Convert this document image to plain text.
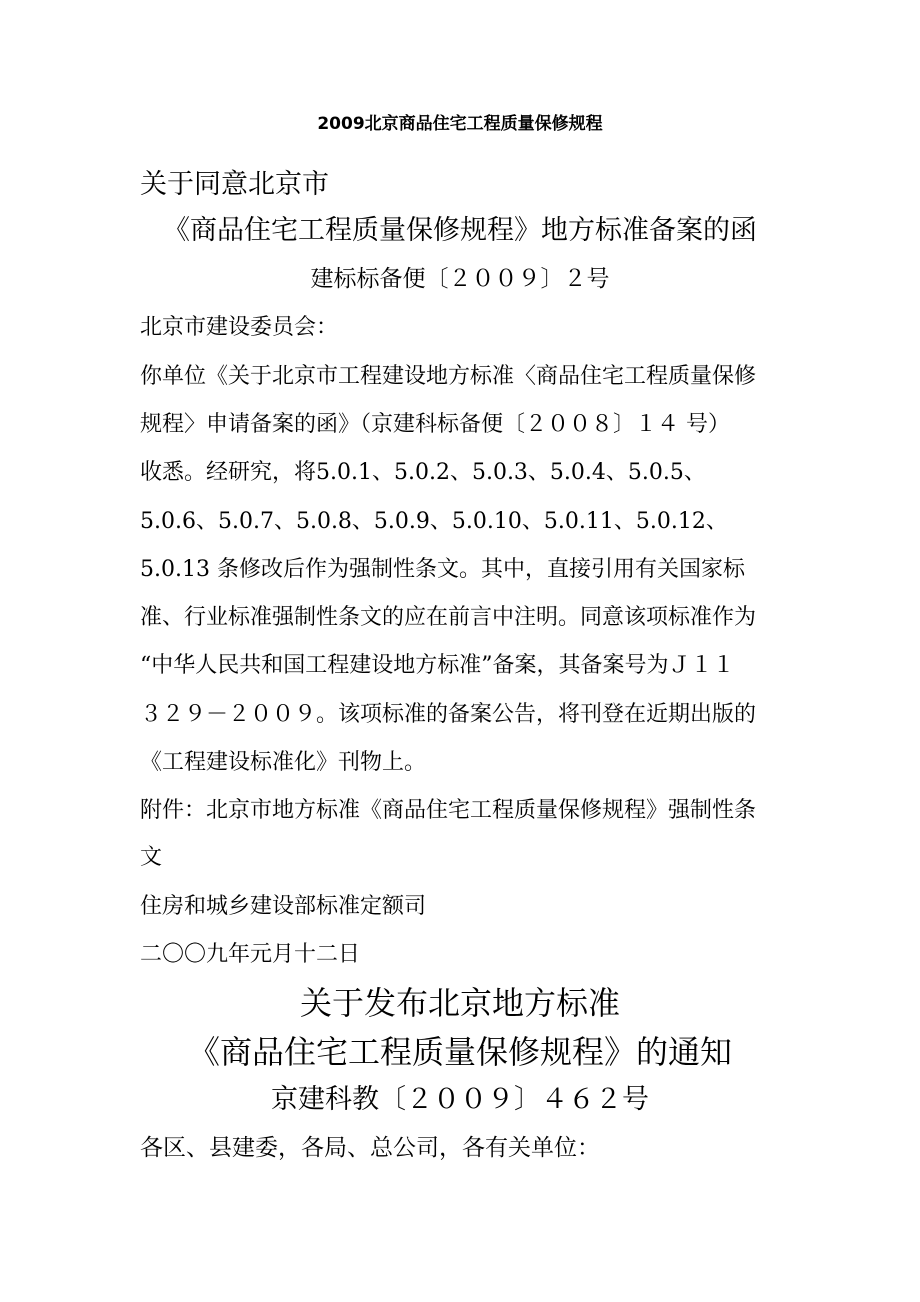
2009北京商品住宅工程质量保修规程

关于同意北京市

《商品住宅工程质量保修规程》地方标准备案的函

建标标备便〔２００９〕２号

北京市建设委员会：

你单位《关于北京市工程建设地方标准〈商品住宅工程质量保修

规程〉申请备案的函》（京建科标备便〔２００８〕１４ 号）

收悉。经研究，将5.0.1、5.0.2、5.0.3、5.0.4、5.0.5、

5.0.6、5.0.7、5.0.8、5.0.9、5.0.10、5.0.11、5.0.12、

5.0.13 条修改后作为强制性条文。其中，直接引用有关国家标

准、行业标准强制性条文的应在前言中注明。同意该项标准作为

“中华人民共和国工程建设地方标准”备案，其备案号为Ｊ１１

３２９－２００９。该项标准的备案公告，将刊登在近期出版的

《工程建设标准化》刊物上。

附件：北京市地方标准《商品住宅工程质量保修规程》强制性条

文

住房和城乡建设部标准定额司

二〇〇九年元月十二日

关于发布北京地方标准

《商品住宅工程质量保修规程》的通知

京建科教〔２００９〕４６２号

各区、县建委，各局、总公司，各有关单位：
